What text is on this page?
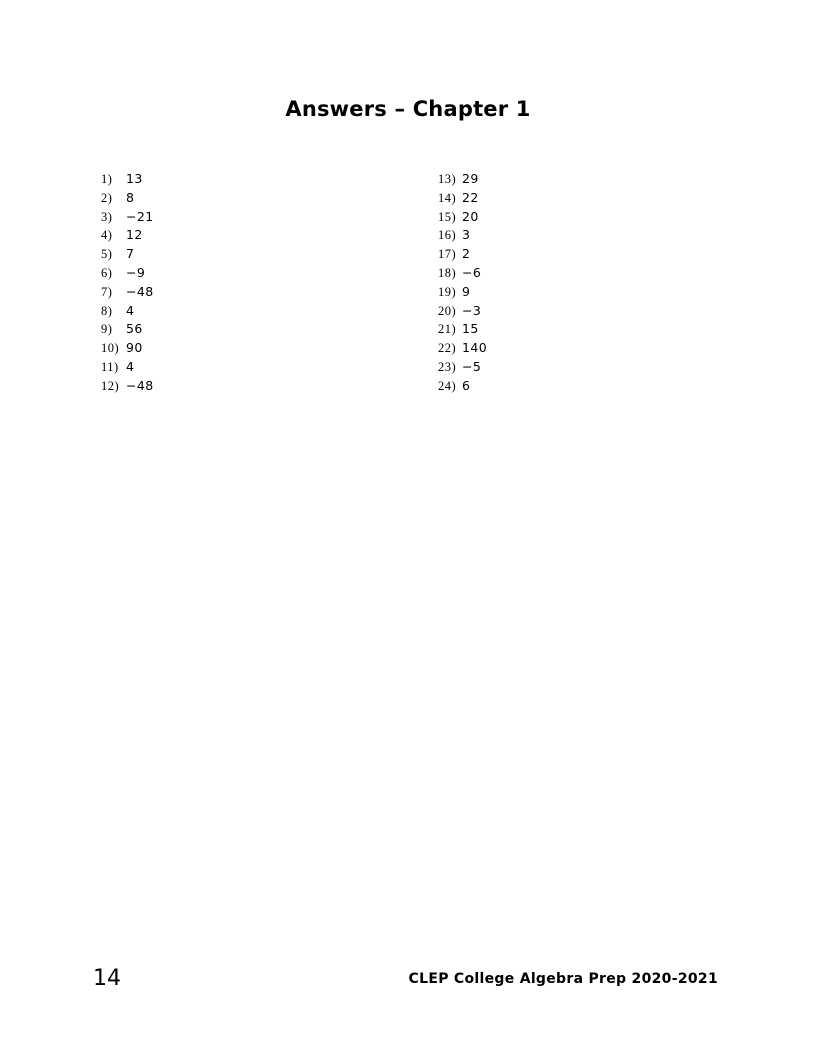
Answers – Chapter 1
1) 13
2) 8
3) −21
4) 12
5) 7
6) −9
7) −48
8) 4
9) 56
10) 90
11) 4
12) −48
13) 29
14) 22
15) 20
16) 3
17) 2
18) −6
19) 9
20) −3
21) 15
22) 140
23) −5
24) 6
14	CLEP College Algebra Prep 2020-2021
